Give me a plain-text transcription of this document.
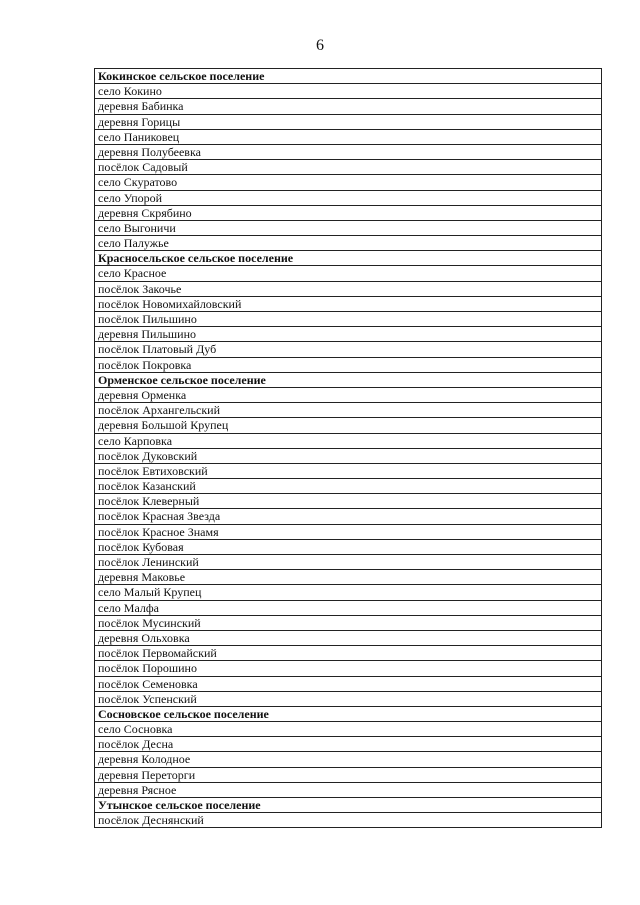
6
Кокинское сельское поселение
село Кокино
деревня Бабинка
деревня Горицы
село Паниковец
деревня Полубеевка
посёлок Садовый
село Скуратово
село Упорой
деревня Скрябино
село Выгоничи
село Палужье
Красносельское сельское поселение
село Красное
посёлок Закочье
посёлок Новомихайловский
посёлок Пильшино
деревня Пильшино
посёлок Платовый Дуб
посёлок Покровка
Орменское сельское поселение
деревня Орменка
посёлок Архангельский
деревня Большой Крупец
село Карповка
посёлок Дуковский
посёлок Евтиховский
посёлок Казанский
посёлок Клеверный
посёлок Красная Звезда
посёлок Красное Знамя
посёлок Кубовая
посёлок Ленинский
деревня Маковье
село Малый Крупец
село Малфа
посёлок Мусинский
деревня Ольховка
посёлок Первомайский
посёлок Порошино
посёлок Семеновка
посёлок Успенский
Сосновское сельское поселение
село Сосновка
посёлок Десна
деревня Колодное
деревня Переторги
деревня Рясное
Утынское сельское поселение
посёлок Деснянский
